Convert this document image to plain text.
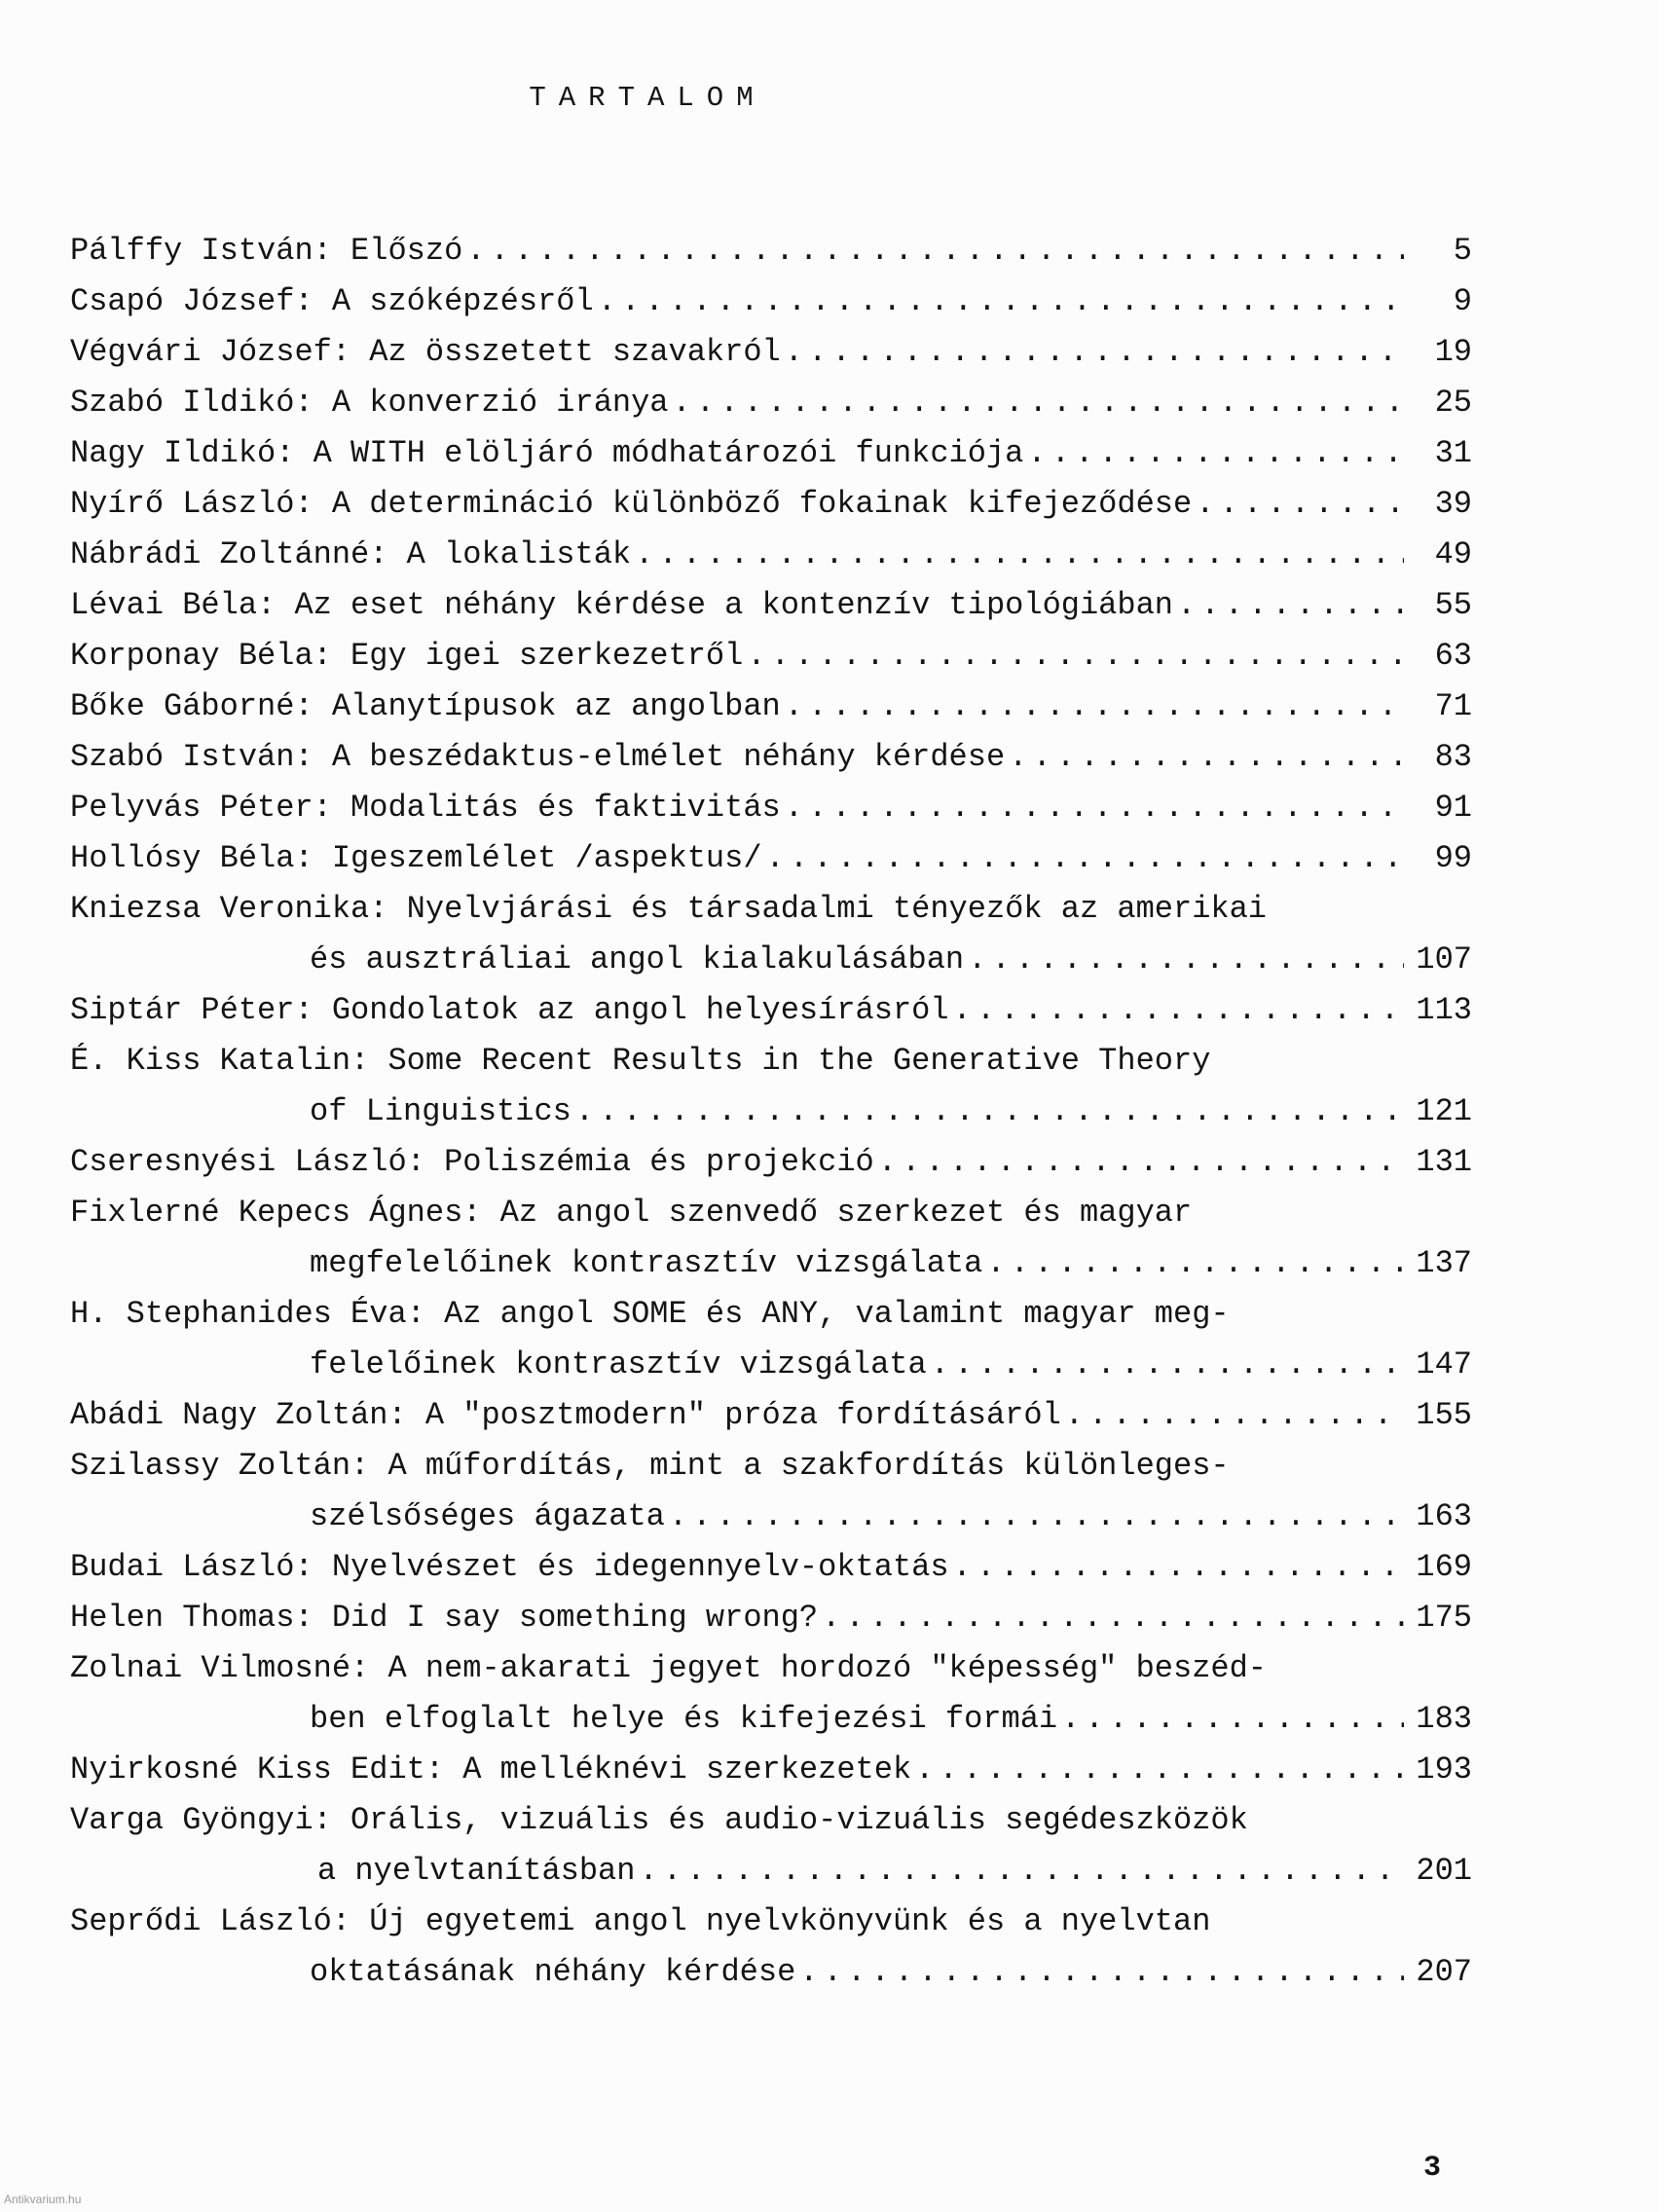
TARTALOM
Pálffy István: Előszó . . .	5
Csapó József: A szóképzésről . . .	9
Végvári József: Az összetett szavakról . . .	19
Szabó Ildikó: A konverzió iránya . . .	25
Nagy Ildikó: A WITH elöljáró módhatározói funkciója . . .	31
Nyírő László: A determináció különböző fokainak kifejeződése . . .	39
Nábrádi Zoltánné: A lokalisták . . .	49
Lévai Béla: Az eset néhány kérdése a kontenzív tipológiában . . .	55
Korponay Béla: Egy igei szerkezetről . . .	63
Bőke Gáborné: Alanytípusok az angolban . . .	71
Szabó István: A beszédaktus-elmélet néhány kérdése . . .	83
Pelyvás Péter: Modalitás és faktivitás . . .	91
Hollósy Béla: Igeszemlélet /aspektus/ . . .	99
Kniezsa Veronika: Nyelvjárási és társadalmi tényezők az amerikai
és ausztráliai angol kialakulásában . . .	107
Siptár Péter: Gondolatok az angol helyesírásról . . .	113
É. Kiss Katalin: Some Recent Results in the Generative Theory
of Linguistics . . .	121
Cseresnyési László: Poliszémia és projekció . . .	131
Fixlerné Kepecs Ágnes: Az angol szenvedő szerkezet és magyar
megfelelőinek kontrasztív vizsgálata . . .	137
H. Stephanides Éva: Az angol SOME és ANY, valamint magyar meg-
felelőinek kontrasztív vizsgálata . . .	147
Abádi Nagy Zoltán: A "posztmodern" próza fordításáról . . .	155
Szilassy Zoltán: A műfordítás, mint a szakfordítás különleges-
szélsőséges ágazata . . .	163
Budai László: Nyelvészet és idegennyelv-oktatás . . .	169
Helen Thomas: Did I say something wrong? . . .	175
Zolnai Vilmosné: A nem-akarati jegyet hordozó "képesség" beszéd-
ben elfoglalt helye és kifejezési formái . . .	183
Nyirkosné Kiss Edit: A melléknévi szerkezetek . . .	193
Varga Gyöngyi: Orális, vizuális és audio-vizuális segédeszközök
a nyelvtanításban . . .	201
Seprődi László: Új egyetemi angol nyelvkönyvünk és a nyelvtan
oktatásának néhány kérdése . . .	207
3
Antikvarium.hu
